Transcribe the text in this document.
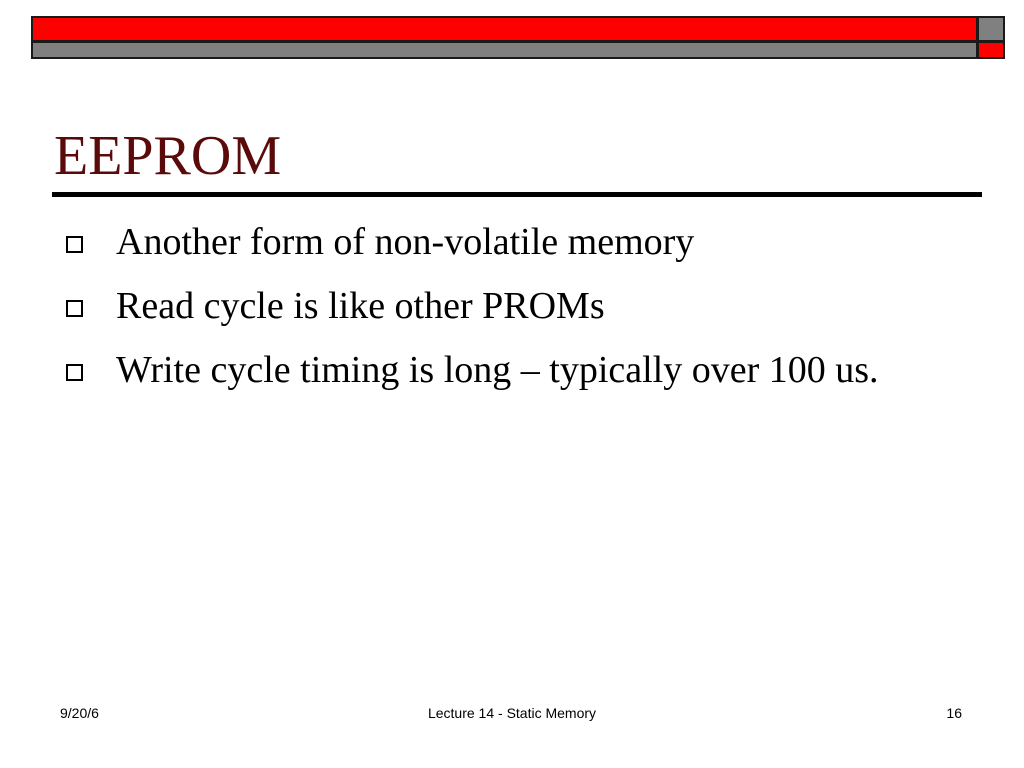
EEPROM
Another form of non-volatile memory
Read cycle is like other PROMs
Write cycle timing is long – typically over 100 us.
9/20/6	Lecture 14 - Static Memory	16
